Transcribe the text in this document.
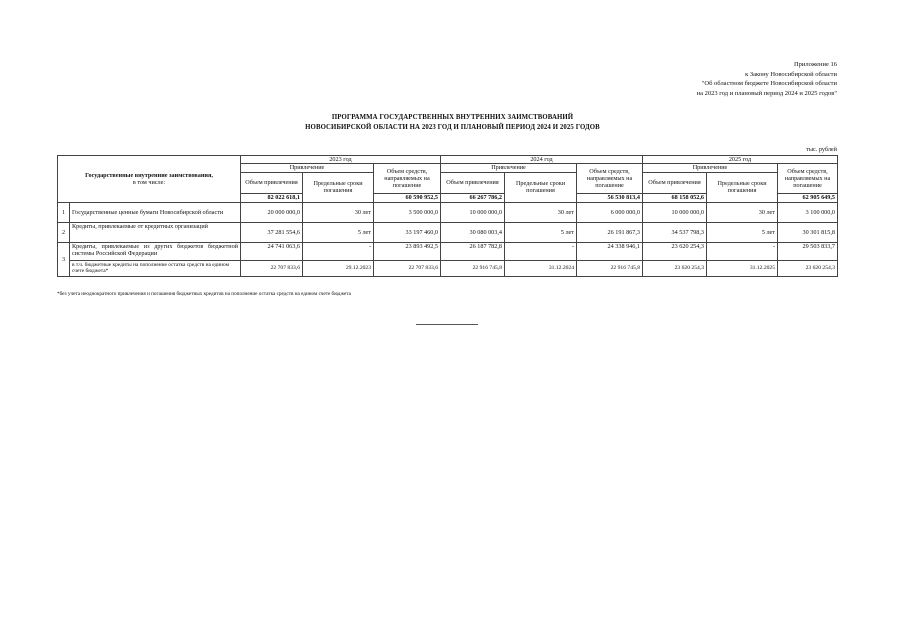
Приложение 16
к Закону Новосибирской области
"Об областном бюджете Новосибирской области
на 2023 год и плановый период 2024 и 2025 годов"
ПРОГРАММА ГОСУДАРСТВЕННЫХ ВНУТРЕННИХ ЗАИМСТВОВАНИЙ
НОВОСИБИРСКОЙ ОБЛАСТИ НА 2023 ГОД И ПЛАНОВЫЙ ПЕРИОД 2024 И 2025 ГОДОВ
тыс. рублей
Государственные внутренние заимствования,
в том числе:		2023 год			2024 год			2025 год		
		Привлечение		Объем средств, направляемых на погашение	Привлечение		Объем средств, направляемых на погашение	Привлечение		Объем средств, направляемых на погашение
		Объем привлечения	Предельные сроки погашения		Объем привлечения	Предельные сроки погашения		Объем привлечения	Предельные сроки погашения	
		82 022 618,1		60 590 952,5	66 267 786,2		56 530 813,4	68 158 052,6		62 905 649,5
1	Государственные ценные бумаги Новосибирской области	20 000 000,0	30 лет	3 500 000,0	10 000 000,0	30 лет	6 000 000,0	10 000 000,0	30 лет	3 100 000,0
2	Кредиты, привлекаемые от кредитных организаций	37 281 554,6	5 лет	33 197 460,0	30 080 003,4	5 лет	26 191 867,3	34 537 798,3	5 лет	30 301 815,8
3	Кредиты, привлекаемые из других бюджетов бюджетной системы Российской Федерации	24 741 063,6	-	23 893 492,5	26 187 782,8	-	24 338 946,1	23 620 254,3	-	29 503 833,7
	в т.ч. бюджетные кредиты на пополнение остатка средств на едином счете бюджета*	22 707 833,6	29.12.2023	22 707 833,6	22 916 745,8	31.12.2024	22 916 745,8	23 620 254,3	31.12.2025	23 620 254,3
*без учета неоднократного привлечения и погашения бюджетных кредитов на пополнение остатка средств на едином счете бюджета
